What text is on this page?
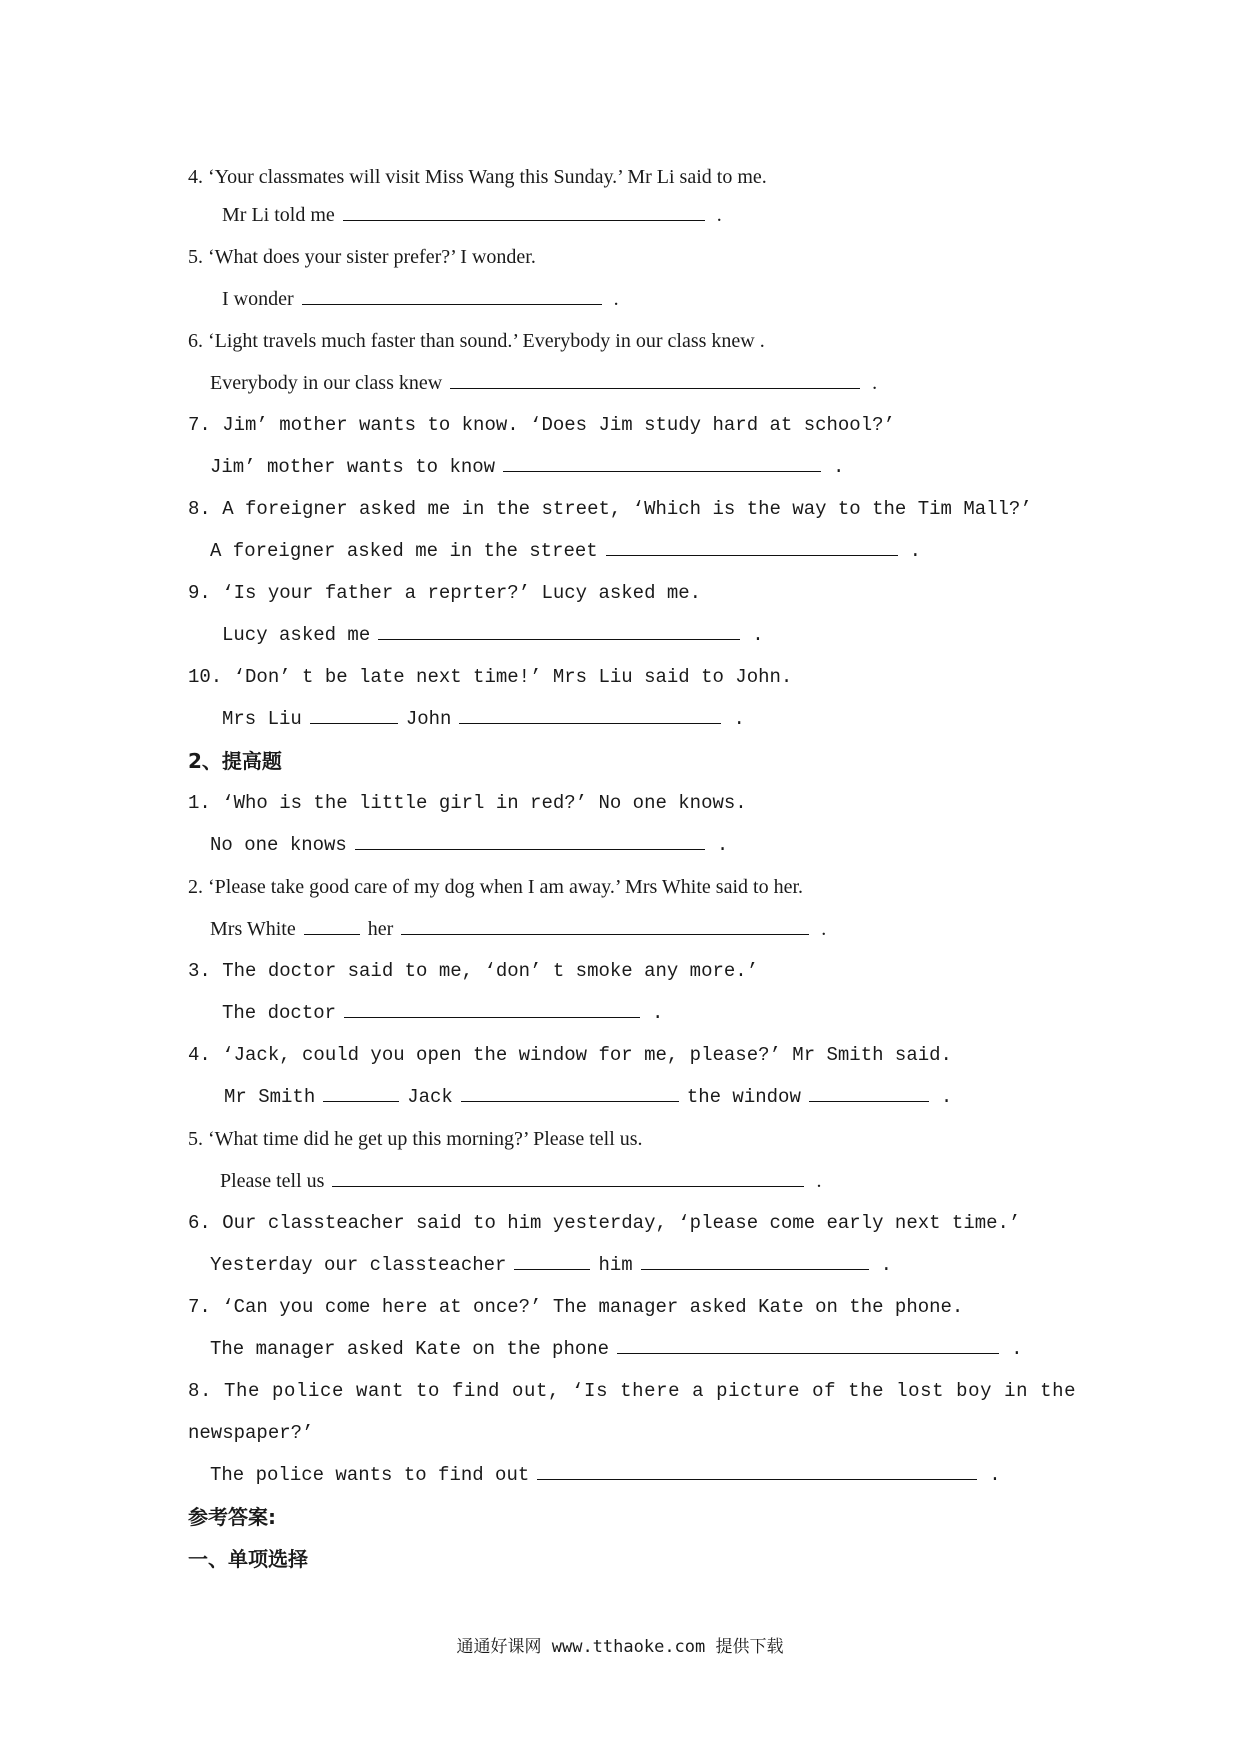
4. ‘Your classmates will visit Miss Wang this Sunday.’ Mr Li said to me.
Mr Li told me	.
5. ‘What does your sister prefer?’ I wonder.
I wonder	.
6. ‘Light travels much faster than sound.’ Everybody in our class knew .
Everybody in our class knew	.
7. Jim’ mother wants to know. ‘Does Jim study hard at school?’
Jim’ mother wants to know	.
8. A foreigner asked me in the street, ‘Which is the way to the Tim Mall?’
A foreigner asked me in the street	.
9. ‘Is your father a reprter?’ Lucy asked me.
Lucy asked me	.
10. ‘Don’ t be late next time!’ Mrs Liu said to John.
Mrs Liu	John	.
2、提高题
1. ‘Who is the little girl in red?’ No one knows.
No one knows	.
2. ‘Please take good care of my dog when I am away.’ Mrs White said to her.
Mrs White	her	.
3. The doctor said to me, ‘don’ t smoke any more.’
The doctor	.
4. ‘Jack, could you open the window for me, please?’ Mr Smith said.
Mr Smith	Jack	the window	.
5. ‘What time did he get up this morning?’ Please tell us.
Please tell us	.
6. Our classteacher said to him yesterday, ‘please come early next time.’
Yesterday our classteacher	him	.
7. ‘Can you come here at once?’ The manager asked Kate on the phone.
The manager asked Kate on the phone	.
8. The police want to find out, ‘Is there a picture of the lost boy in the
newspaper?’
The police wants to find out	.
参考答案:
一、单项选择
通通好课网 www.tthaoke.com 提供下载
